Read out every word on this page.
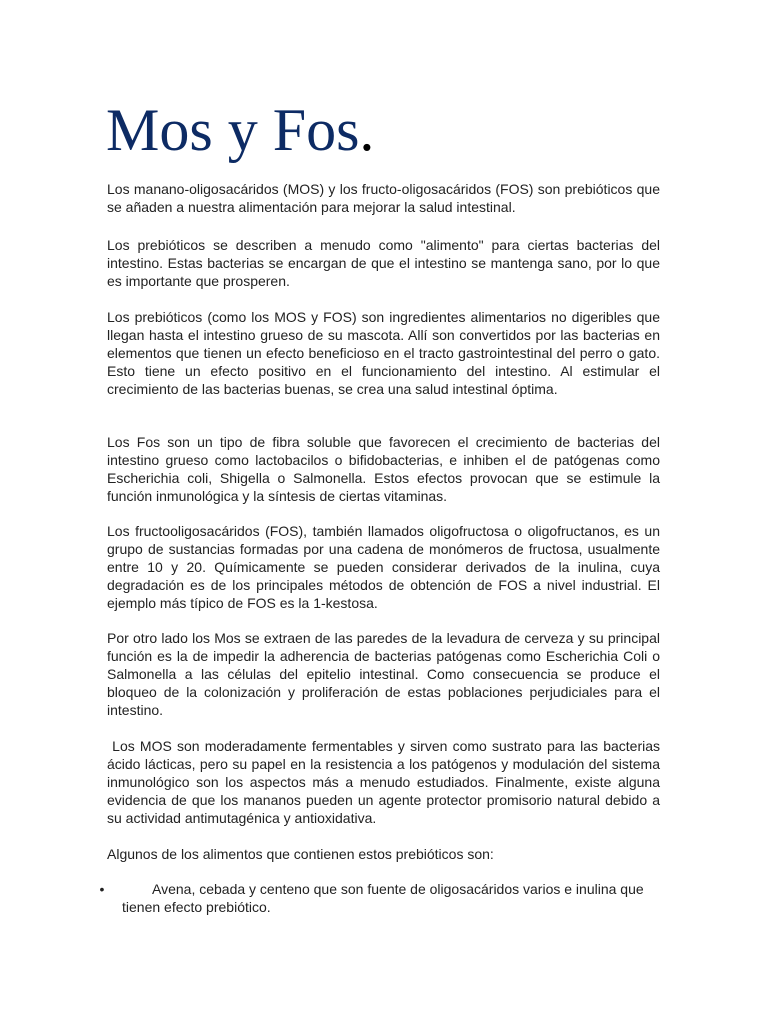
Mos y Fos.

Los manano-oligosacáridos (MOS) y los fructo-oligosacáridos (FOS) son prebióticos que se añaden a nuestra alimentación para mejorar la salud intestinal.

Los prebióticos se describen a menudo como "alimento" para ciertas bacterias del intestino. Estas bacterias se encargan de que el intestino se mantenga sano, por lo que es importante que prosperen.

Los prebióticos (como los MOS y FOS) son ingredientes alimentarios no digeribles que llegan hasta el intestino grueso de su mascota. Allí son convertidos por las bacterias en elementos que tienen un efecto beneficioso en el tracto gastrointestinal del perro o gato. Esto tiene un efecto positivo en el funcionamiento del intestino. Al estimular el crecimiento de las bacterias buenas, se crea una salud intestinal óptima.

Los Fos son un tipo de fibra soluble que favorecen el crecimiento de bacterias del intestino grueso como lactobacilos o bifidobacterias, e inhiben el de patógenas como Escherichia coli, Shigella o Salmonella. Estos efectos provocan que se estimule la función inmunológica y la síntesis de ciertas vitaminas.

Los fructooligosacáridos (FOS), también llamados oligofructosa o oligofructanos, es un grupo de sustancias formadas por una cadena de monómeros de fructosa, usualmente entre 10 y 20. Químicamente se pueden considerar derivados de la inulina, cuya degradación es de los principales métodos de obtención de FOS a nivel industrial. El ejemplo más típico de FOS es la 1-kestosa.

Por otro lado los Mos se extraen de las paredes de la levadura de cerveza y su principal función es la de impedir la adherencia de bacterias patógenas como Escherichia Coli o Salmonella a las células del epitelio intestinal. Como consecuencia se produce el bloqueo de la colonización y proliferación de estas poblaciones perjudiciales para el intestino.

Los MOS son moderadamente fermentables y sirven como sustrato para las bacterias ácido lácticas, pero su papel en la resistencia a los patógenos y modulación del sistema inmunológico son los aspectos más a menudo estudiados. Finalmente, existe alguna evidencia de que los mananos pueden un agente protector promisorio natural debido a su actividad antimutagénica y antioxidativa.

Algunos de los alimentos que contienen estos prebióticos son:

•	Avena, cebada y centeno que son fuente de oligosacáridos varios e inulina que tienen efecto prebiótico.
